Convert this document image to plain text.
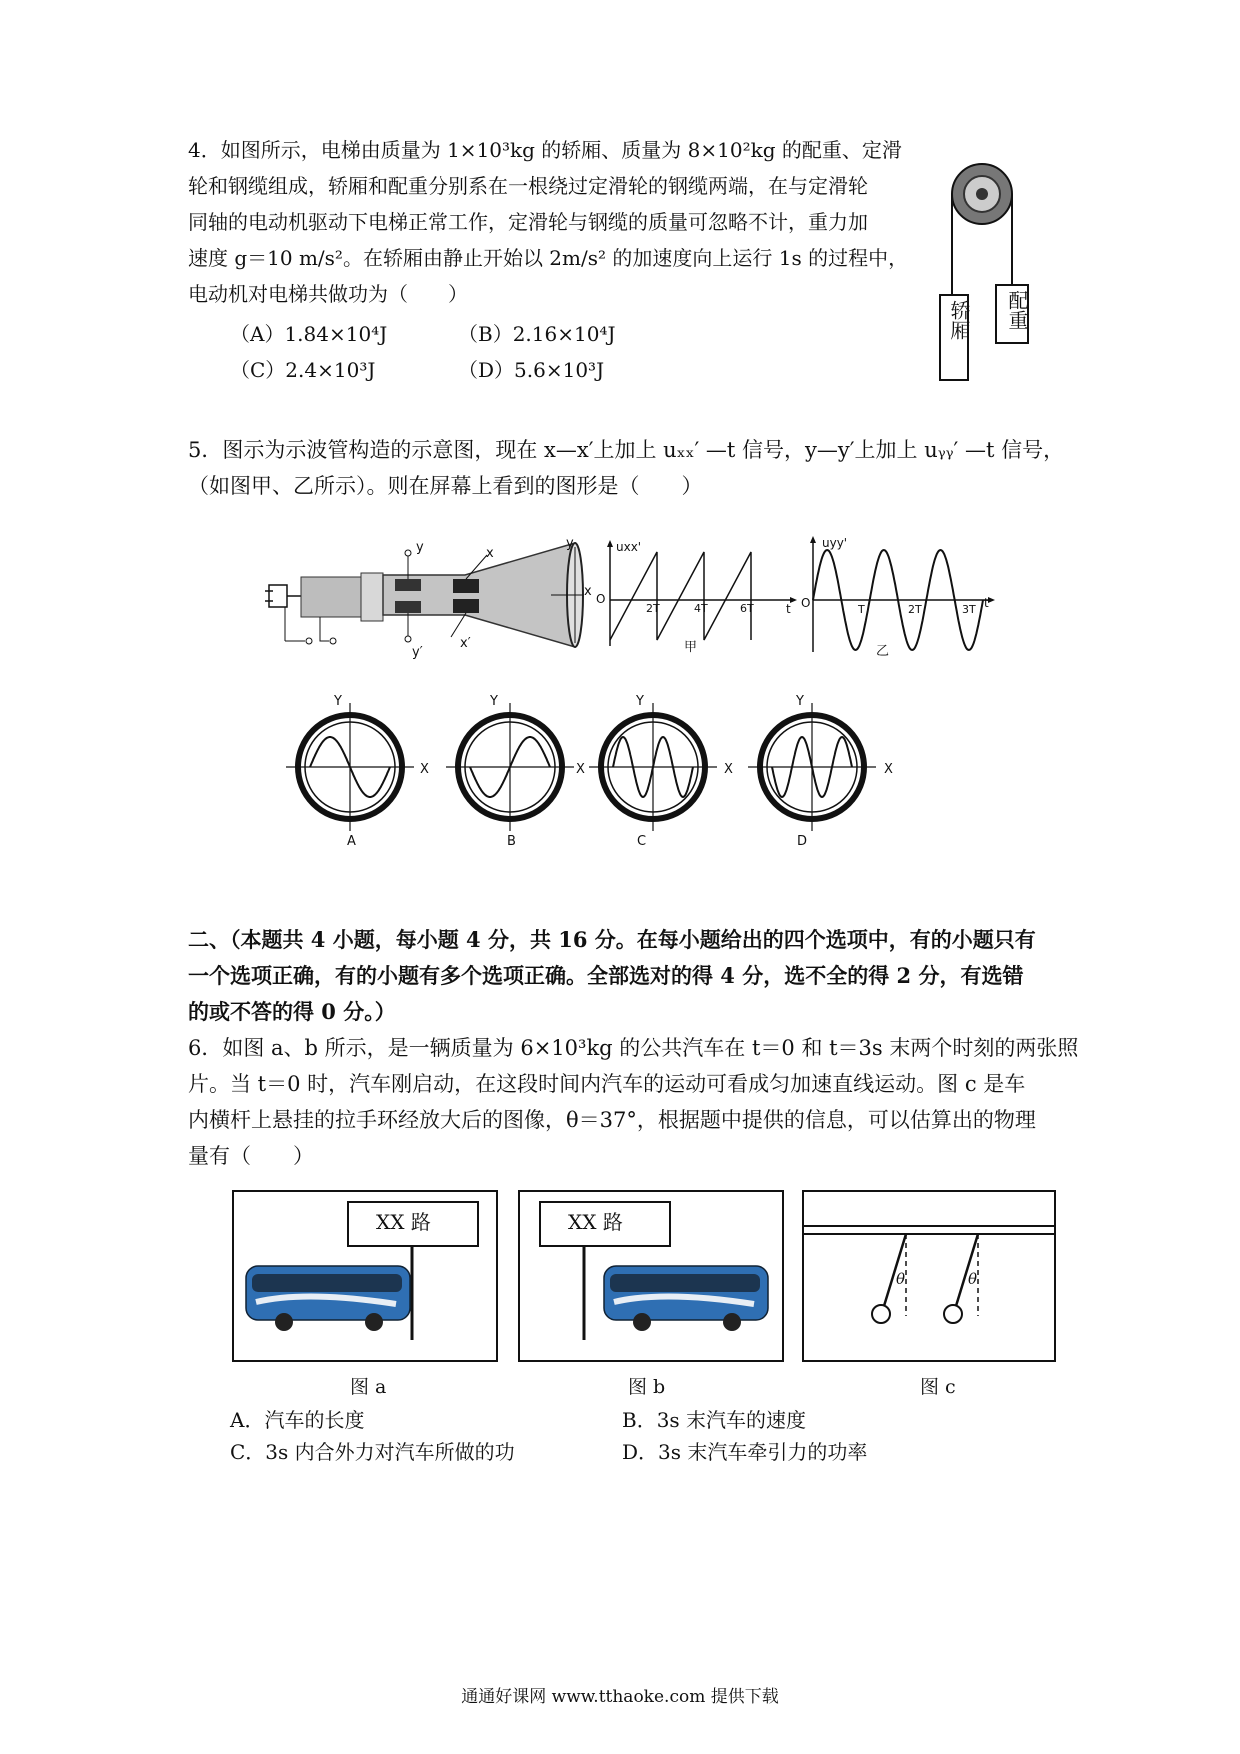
4．如图所示，电梯由质量为 1×10³kg 的轿厢、质量为 8×10²kg 的配重、定滑
轮和钢缆组成，轿厢和配重分别系在一根绕过定滑轮的钢缆两端，在与定滑轮
同轴的电动机驱动下电梯正常工作，定滑轮与钢缆的质量可忽略不计，重力加
速度 g＝10 m/s²。在轿厢由静止开始以 2m/s² 的加速度向上运行 1s 的过程中，
电动机对电梯共做功为（　　）
（A）1.84×10⁴J	（B）2.16×10⁴J
（C）2.4×10³J	（D）5.6×10³J
轿厢	配重
5．图示为示波管构造的示意图，现在 x—x′上加上 uₓₓ′ —t 信号，y—y′上加上 uᵧᵧ′ —t 信号，
（如图甲、乙所示）。则在屏幕上看到的图形是（　　）
y
y′
x
x′
y
x
uxx'
O
2T	4T	6T	t
甲
uyy'
O	T	2T	3T t
乙
Y
X
A
Y
X
B
Y
X
C
Y
X
D
二、（本题共 4 小题，每小题 4 分，共 16 分。在每小题给出的四个选项中，有的小题只有
一个选项正确，有的小题有多个选项正确。全部选对的得 4 分，选不全的得 2 分，有选错
的或不答的得 0 分。）
6．如图 a、b 所示，是一辆质量为 6×10³kg 的公共汽车在 t＝0 和 t＝3s 末两个时刻的两张照
片。当 t＝0 时，汽车刚启动，在这段时间内汽车的运动可看成匀加速直线运动。图 c 是车
内横杆上悬挂的拉手环经放大后的图像，θ＝37°，根据题中提供的信息，可以估算出的物理
量有（　　）
XX 路	XX 路
θ	θ
图 a	图 b	图 c
A．汽车的长度	B．3s 末汽车的速度
C．3s 内合外力对汽车所做的功	D．3s 末汽车牵引力的功率
通通好课网 www.tthaoke.com 提供下载
